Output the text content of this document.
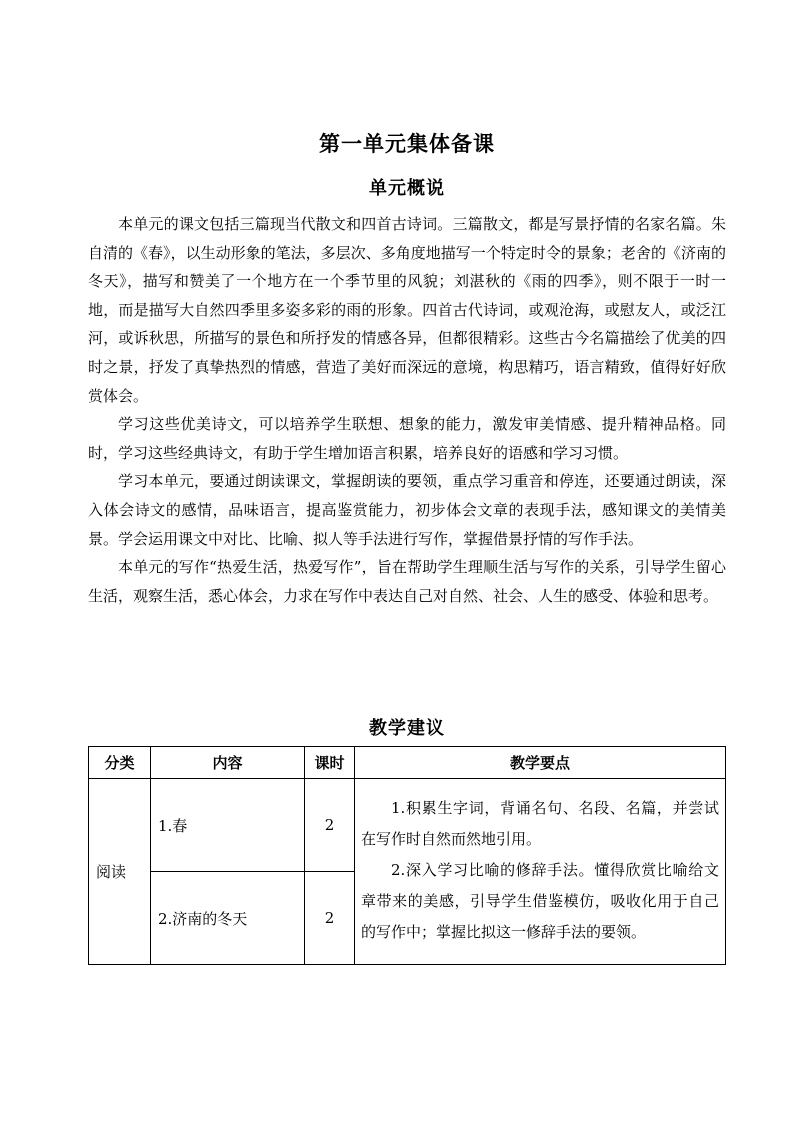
第一单元集体备课
单元概说

本单元的课文包括三篇现当代散文和四首古诗词。三篇散文，都是写景抒情的名家名篇。朱自清的《春》，以生动形象的笔法，多层次、多角度地描写一个特定时令的景象；老舍的《济南的冬天》，描写和赞美了一个地方在一个季节里的风貌；刘湛秋的《雨的四季》，则不限于一时一地，而是描写大自然四季里多姿多彩的雨的形象。四首古代诗词，或观沧海，或慰友人，或泛江河，或诉秋思，所描写的景色和所抒发的情感各异，但都很精彩。这些古今名篇描绘了优美的四时之景，抒发了真挚热烈的情感，营造了美好而深远的意境，构思精巧，语言精致，值得好好欣赏体会。

学习这些优美诗文，可以培养学生联想、想象的能力，激发审美情感、提升精神品格。同时，学习这些经典诗文，有助于学生增加语言积累，培养良好的语感和学习习惯。

学习本单元，要通过朗读课文，掌握朗读的要领，重点学习重音和停连，还要通过朗读，深入体会诗文的感情，品味语言，提高鉴赏能力，初步体会文章的表现手法，感知课文的美情美景。学会运用课文中对比、比喻、拟人等手法进行写作，掌握借景抒情的写作手法。

本单元的写作“热爱生活，热爱写作”，旨在帮助学生理顺生活与写作的关系，引导学生留心生活，观察生活，悉心体会，力求在写作中表达自己对自然、社会、人生的感受、体验和思考。

教学建议
分类	内容	课时	教学要点
阅读	1.春	2	1.积累生字词，背诵名句、名段、名篇，并尝试在写作时自然而然地引用。

2.深入学习比喻的修辞手法。懂得欣赏比喻给文章带来的美感，引导学生借鉴模仿，吸收化用于自己的写作中；掌握比拟这一修辞手法的要领。

	2.济南的冬天	2	
